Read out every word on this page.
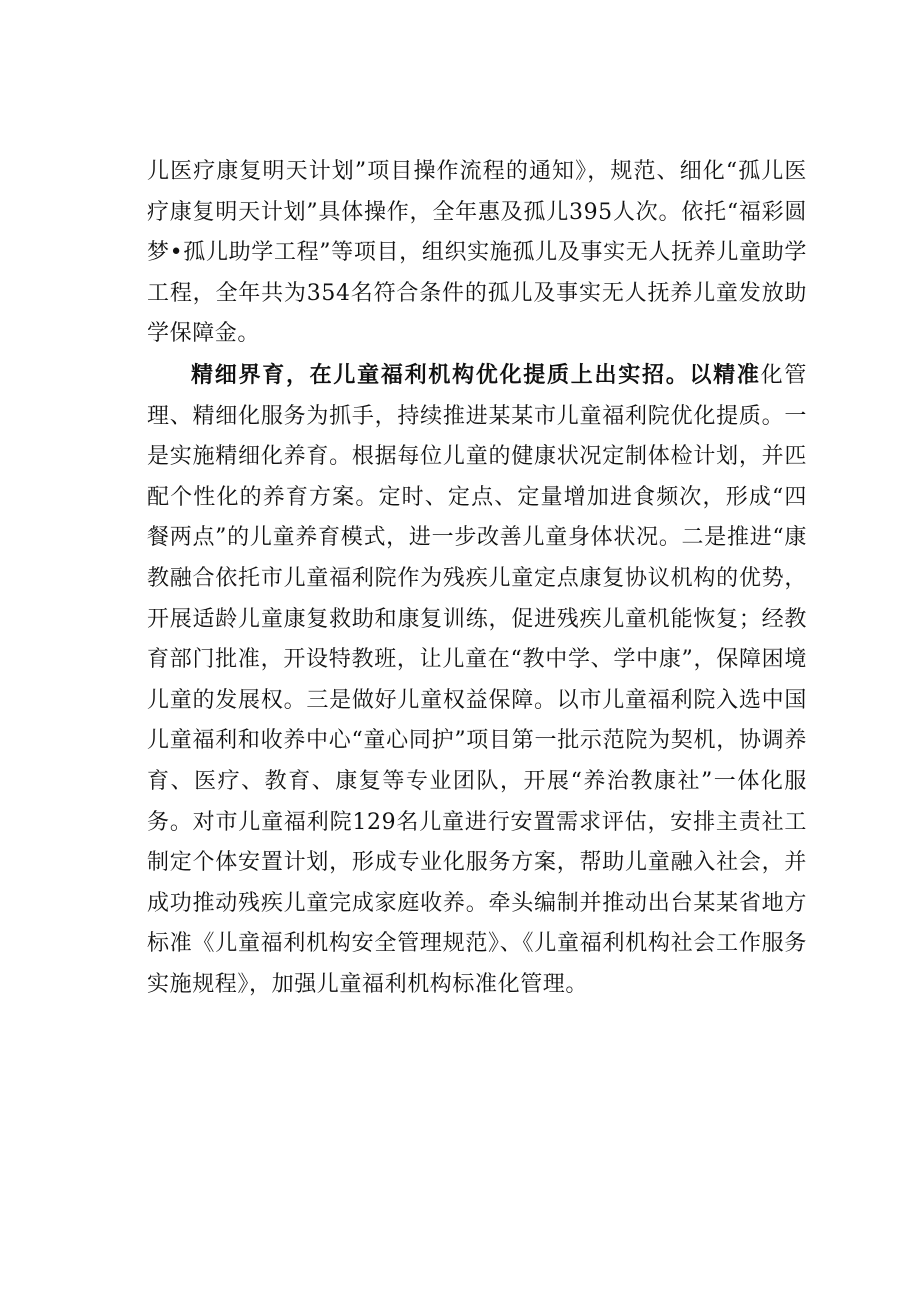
儿医疗康复明天计划”项目操作流程的通知》，规范、细化“孤儿医疗康复明天计划”具体操作，全年惠及孤儿395人次。依托“福彩圆梦•孤儿助学工程”等项目，组织实施孤儿及事实无人抚养儿童助学工程，全年共为354名符合条件的孤儿及事实无人抚养儿童发放助学保障金。

精细界育，在儿童福利机构优化提质上出实招。以精准化管理、精细化服务为抓手，持续推进某某市儿童福利院优化提质。一是实施精细化养育。根据每位儿童的健康状况定制体检计划，并匹配个性化的养育方案。定时、定点、定量增加进食频次，形成“四餐两点”的儿童养育模式，进一步改善儿童身体状况。二是推进“康教融合依托市儿童福利院作为残疾儿童定点康复协议机构的优势，开展适龄儿童康复救助和康复训练，促进残疾儿童机能恢复；经教育部门批准，开设特教班，让儿童在“教中学、学中康”，保障困境儿童的发展权。三是做好儿童权益保障。以市儿童福利院入选中国儿童福利和收养中心“童心同护”项目第一批示范院为契机，协调养育、医疗、教育、康复等专业团队，开展“养治教康社”一体化服务。对市儿童福利院129名儿童进行安置需求评估，安排主责社工制定个体安置计划，形成专业化服务方案，帮助儿童融入社会，并成功推动残疾儿童完成家庭收养。牵头编制并推动出台某某省地方标准《儿童福利机构安全管理规范》、《儿童福利机构社会工作服务实施规程》，加强儿童福利机构标准化管理。
